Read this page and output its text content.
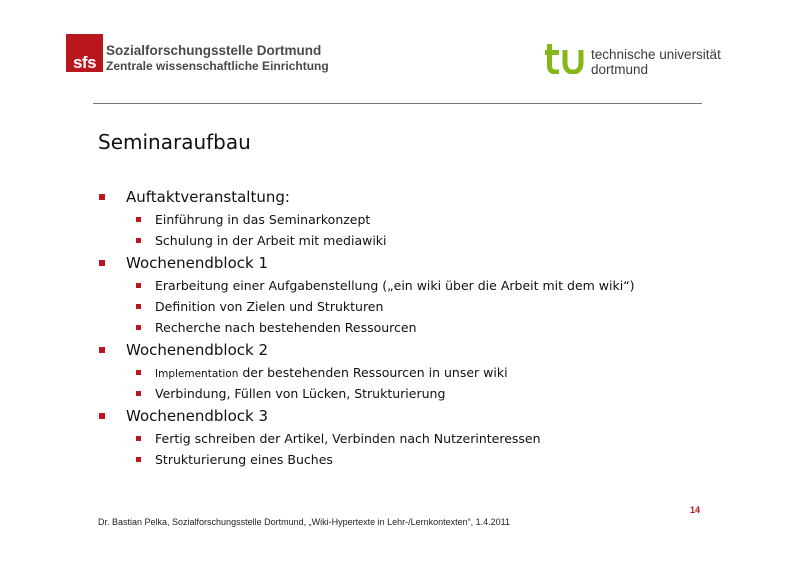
sfs
Sozialforschungsstelle Dortmund
Zentrale wissenschaftliche Einrichtung
technische universität
dortmund
Seminaraufbau
Auftaktveranstaltung:
Einführung in das Seminarkonzept
Schulung in der Arbeit mit mediawiki
Wochenendblock 1
Erarbeitung einer Aufgabenstellung („ein wiki über die Arbeit mit dem wiki“)
Definition von Zielen und Strukturen
Recherche nach bestehenden Ressourcen
Wochenendblock 2
Implementation der bestehenden Ressourcen in unser wiki
Verbindung, Füllen von Lücken, Strukturierung
Wochenendblock 3
Fertig schreiben der Artikel, Verbinden nach Nutzerinteressen
Strukturierung eines Buches
14
Dr. Bastian Pelka, Sozialforschungsstelle Dortmund, „Wiki-Hypertexte in Lehr-/Lernkontexten“, 1.4.2011
